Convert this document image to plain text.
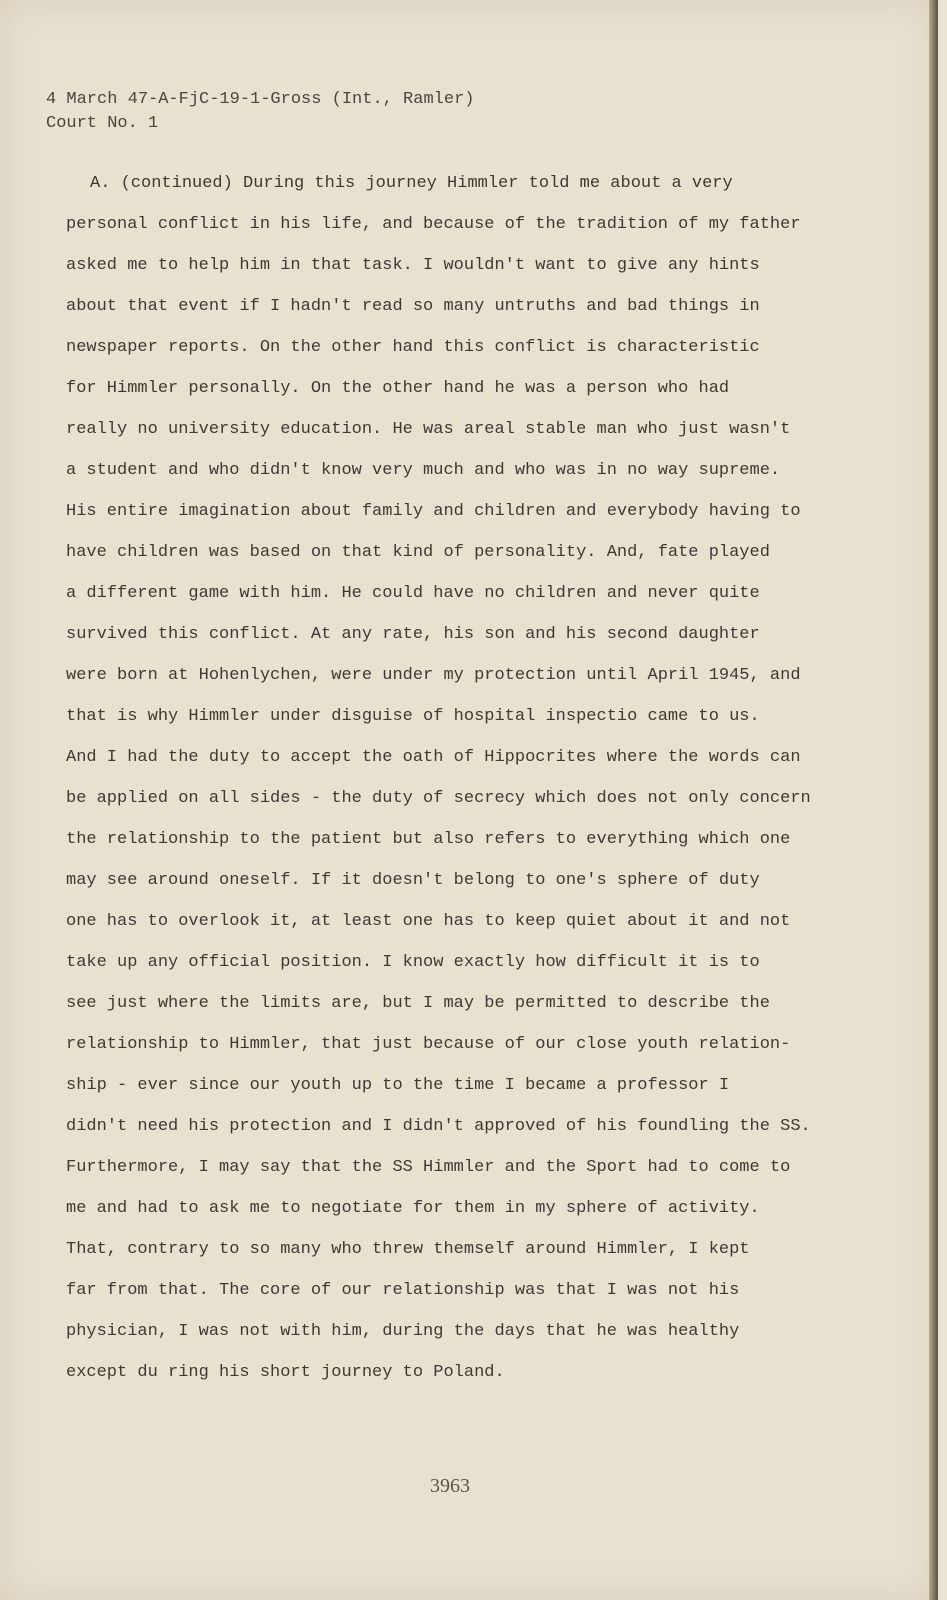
4 March 47-A-FjC-19-1-Gross (Int., Ramler)
Court No. 1
A. (continued) During this journey Himmler told me about a very
personal conflict in his life, and because of the tradition of my father
asked me to help him in that task. I wouldn't want to give any hints
about that event if I hadn't read so many untruths and bad things in
newspaper reports. On the other hand this conflict is characteristic
for Himmler personally. On the other hand he was a person who had
really no university education. He was areal stable man who just wasn't
a student and who didn't know very much and who was in no way supreme.
His entire imagination about family and children and everybody having to
have children was based on that kind of personality. And, fate played
a different game with him. He could have no children and never quite
survived this conflict. At any rate, his son and his second daughter
were born at Hohenlychen, were under my protection until April 1945, and
that is why Himmler under disguise of hospital inspectio came to us.
And I had the duty to accept the oath of Hippocrites where the words can
be applied on all sides - the duty of secrecy which does not only concern
the relationship to the patient but also refers to everything which one
may see around oneself. If it doesn't belong to one's sphere of duty
one has to overlook it, at least one has to keep quiet about it and not
take up any official position. I know exactly how difficult it is to
see just where the limits are, but I may be permitted to describe the
relationship to Himmler, that just because of our close youth relation-
ship - ever since our youth up to the time I became a professor I
didn't need his protection and I didn't approved of his foundling the SS.
Furthermore, I may say that the SS Himmler and the Sport had to come to
me and had to ask me to negotiate for them in my sphere of activity.
That, contrary to so many who threw themself around Himmler, I kept
far from that. The core of our relationship was that I was not his
physician, I was not with him, during the days that he was healthy
except du ring his short journey to Poland.
3963
